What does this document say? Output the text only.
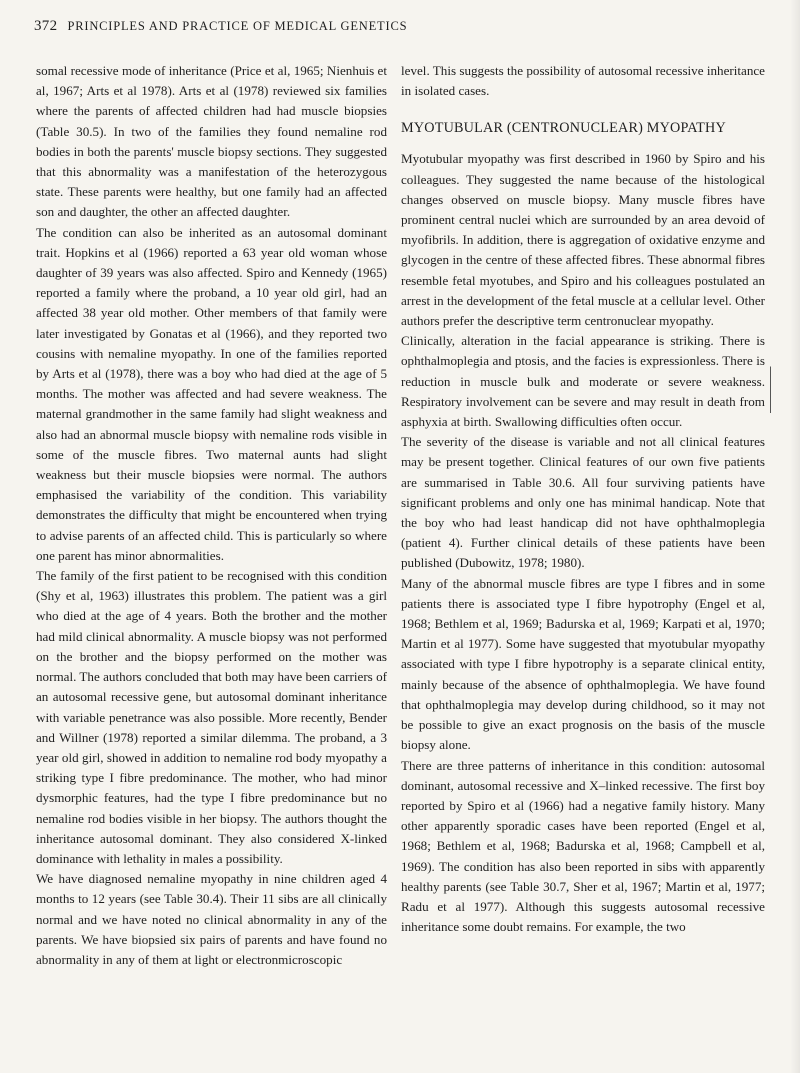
372 PRINCIPLES AND PRACTICE OF MEDICAL GENETICS

somal recessive mode of inheritance (Price et al, 1965; Nienhuis et al, 1967; Arts et al 1978). Arts et al (1978) reviewed six families where the parents of affected children had had muscle biopsies (Table 30.5). In two of the families they found nemaline rod bodies in both the parents' muscle biopsy sections. They suggested that this abnormality was a manifestation of the heterozygous state. These parents were healthy, but one family had an affected son and daughter, the other an affected daughter.

The condition can also be inherited as an autosomal dominant trait. Hopkins et al (1966) reported a 63 year old woman whose daughter of 39 years was also affected. Spiro and Kennedy (1965) reported a family where the proband, a 10 year old girl, had an affected 38 year old mother. Other members of that family were later investigated by Gonatas et al (1966), and they reported two cousins with nemaline myopathy. In one of the families reported by Arts et al (1978), there was a boy who had died at the age of 5 months. The mother was affected and had severe weakness. The maternal grandmother in the same family had slight weakness and also had an abnormal muscle biopsy with nemaline rods visible in some of the muscle fibres. Two maternal aunts had slight weakness but their muscle biopsies were normal. The authors emphasised the variability of the condition. This variability demonstrates the difficulty that might be encountered when trying to advise parents of an affected child. This is particularly so where one parent has minor abnormalities.

The family of the first patient to be recognised with this condition (Shy et al, 1963) illustrates this problem. The patient was a girl who died at the age of 4 years. Both the brother and the mother had mild clinical abnormality. A muscle biopsy was not performed on the brother and the biopsy performed on the mother was normal. The authors concluded that both may have been carriers of an autosomal recessive gene, but autosomal dominant inheritance with variable penetrance was also possible. More recently, Bender and Willner (1978) reported a similar dilemma. The proband, a 3 year old girl, showed in addition to nemaline rod body myopathy a striking type I fibre predominance. The mother, who had minor dysmorphic features, had the type I fibre predominance but no nemaline rod bodies visible in her biopsy. The authors thought the inheritance autosomal dominant. They also considered X-linked dominance with lethality in males a possibility.

We have diagnosed nemaline myopathy in nine children aged 4 months to 12 years (see Table 30.4). Their 11 sibs are all clinically normal and we have noted no clinical abnormality in any of the parents. We have biopsied six pairs of parents and have found no abnormality in any of them at light or electronmicroscopic

level. This suggests the possibility of autosomal recessive inheritance in isolated cases.

MYOTUBULAR (CENTRONUCLEAR) MYOPATHY

Myotubular myopathy was first described in 1960 by Spiro and his colleagues. They suggested the name because of the histological changes observed on muscle biopsy. Many muscle fibres have prominent central nuclei which are surrounded by an area devoid of myofibrils. In addition, there is aggregation of oxidative enzyme and glycogen in the centre of these affected fibres. These abnormal fibres resemble fetal myotubes, and Spiro and his colleagues postulated an arrest in the development of the fetal muscle at a cellular level. Other authors prefer the descriptive term centronuclear myopathy.

Clinically, alteration in the facial appearance is striking. There is ophthalmoplegia and ptosis, and the facies is expressionless. There is reduction in muscle bulk and moderate or severe weakness. Respiratory involvement can be severe and may result in death from asphyxia at birth. Swallowing difficulties often occur.

The severity of the disease is variable and not all clinical features may be present together. Clinical features of our own five patients are summarised in Table 30.6. All four surviving patients have significant problems and only one has minimal handicap. Note that the boy who had least handicap did not have ophthalmoplegia (patient 4). Further clinical details of these patients have been published (Dubowitz, 1978; 1980).

Many of the abnormal muscle fibres are type I fibres and in some patients there is associated type I fibre hypotrophy (Engel et al, 1968; Bethlem et al, 1969; Badurska et al, 1969; Karpati et al, 1970; Martin et al 1977). Some have suggested that myotubular myopathy associated with type I fibre hypotrophy is a separate clinical entity, mainly because of the absence of ophthalmoplegia. We have found that ophthalmoplegia may develop during childhood, so it may not be possible to give an exact prognosis on the basis of the muscle biopsy alone.

There are three patterns of inheritance in this condition: autosomal dominant, autosomal recessive and X–linked recessive. The first boy reported by Spiro et al (1966) had a negative family history. Many other apparently sporadic cases have been reported (Engel et al, 1968; Bethlem et al, 1968; Badurska et al, 1968; Campbell et al, 1969). The condition has also been reported in sibs with apparently healthy parents (see Table 30.7, Sher et al, 1967; Martin et al, 1977; Radu et al 1977). Although this suggests autosomal recessive inheritance some doubt remains. For example, the two
